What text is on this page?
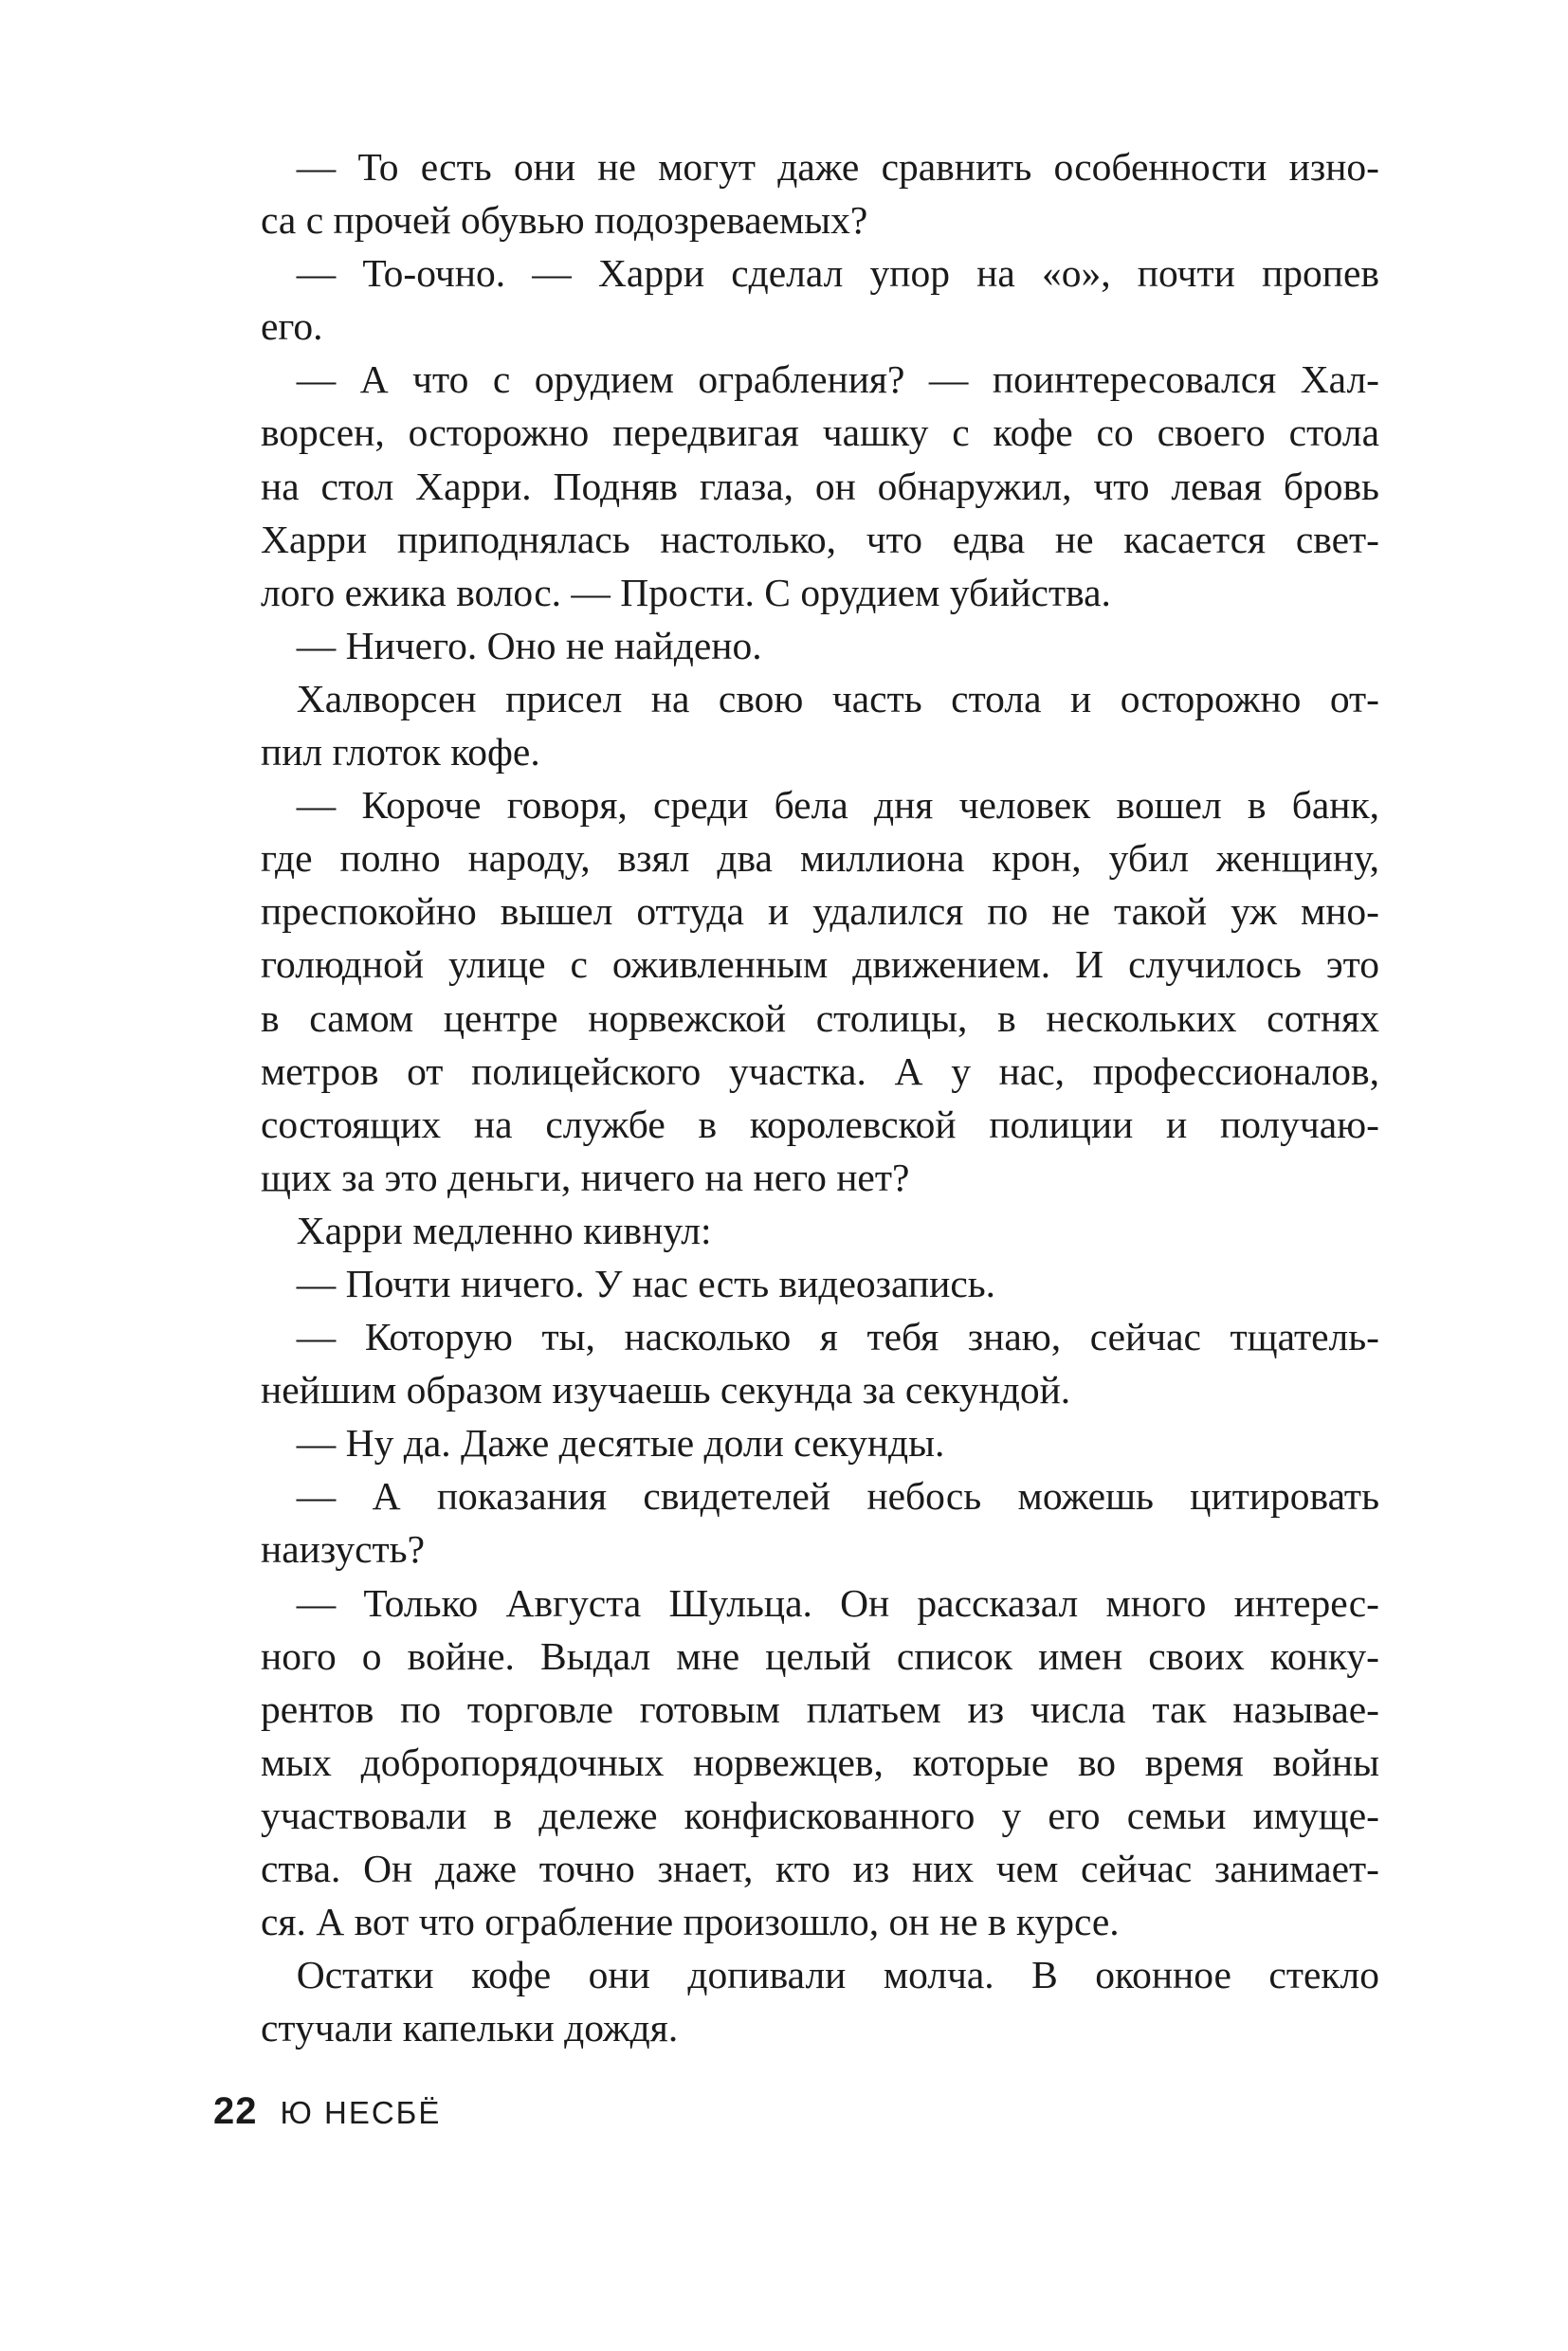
— То есть они не могут даже сравнить особенности изно-
са с прочей обувью подозреваемых?
— То-очно. — Харри сделал упор на «о», почти пропев
его.
— А что с орудием ограбления? — поинтересовался Хал-
ворсен, осторожно передвигая чашку с кофе со своего стола
на стол Харри. Подняв глаза, он обнаружил, что левая бровь
Харри приподнялась настолько, что едва не касается свет-
лого ежика волос. — Прости. С орудием убийства.
— Ничего. Оно не найдено.
Халворсен присел на свою часть стола и осторожно от-
пил глоток кофе.
— Короче говоря, среди бела дня человек вошел в банк,
где полно народу, взял два миллиона крон, убил женщину,
преспокойно вышел оттуда и удалился по не такой уж мно-
голюдной улице с оживленным движением. И случилось это
в самом центре норвежской столицы, в нескольких сотнях
метров от полицейского участка. А у нас, профессионалов,
состоящих на службе в королевской полиции и получаю-
щих за это деньги, ничего на него нет?
Харри медленно кивнул:
— Почти ничего. У нас есть видеозапись.
— Которую ты, насколько я тебя знаю, сейчас тщатель-
нейшим образом изучаешь секунда за секундой.
— Ну да. Даже десятые доли секунды.
— А показания свидетелей небось можешь цитировать
наизусть?
— Только Августа Шульца. Он рассказал много интерес-
ного о войне. Выдал мне целый список имен своих конку-
рентов по торговле готовым платьем из числа так называе-
мых добропорядочных норвежцев, которые во время войны
участвовали в дележе конфискованного у его семьи имуще-
ства. Он даже точно знает, кто из них чем сейчас занимает-
ся. А вот что ограбление произошло, он не в курсе.
Остатки кофе они допивали молча. В оконное стекло
стучали капельки дождя.
22 Ю НЕСБЁ
